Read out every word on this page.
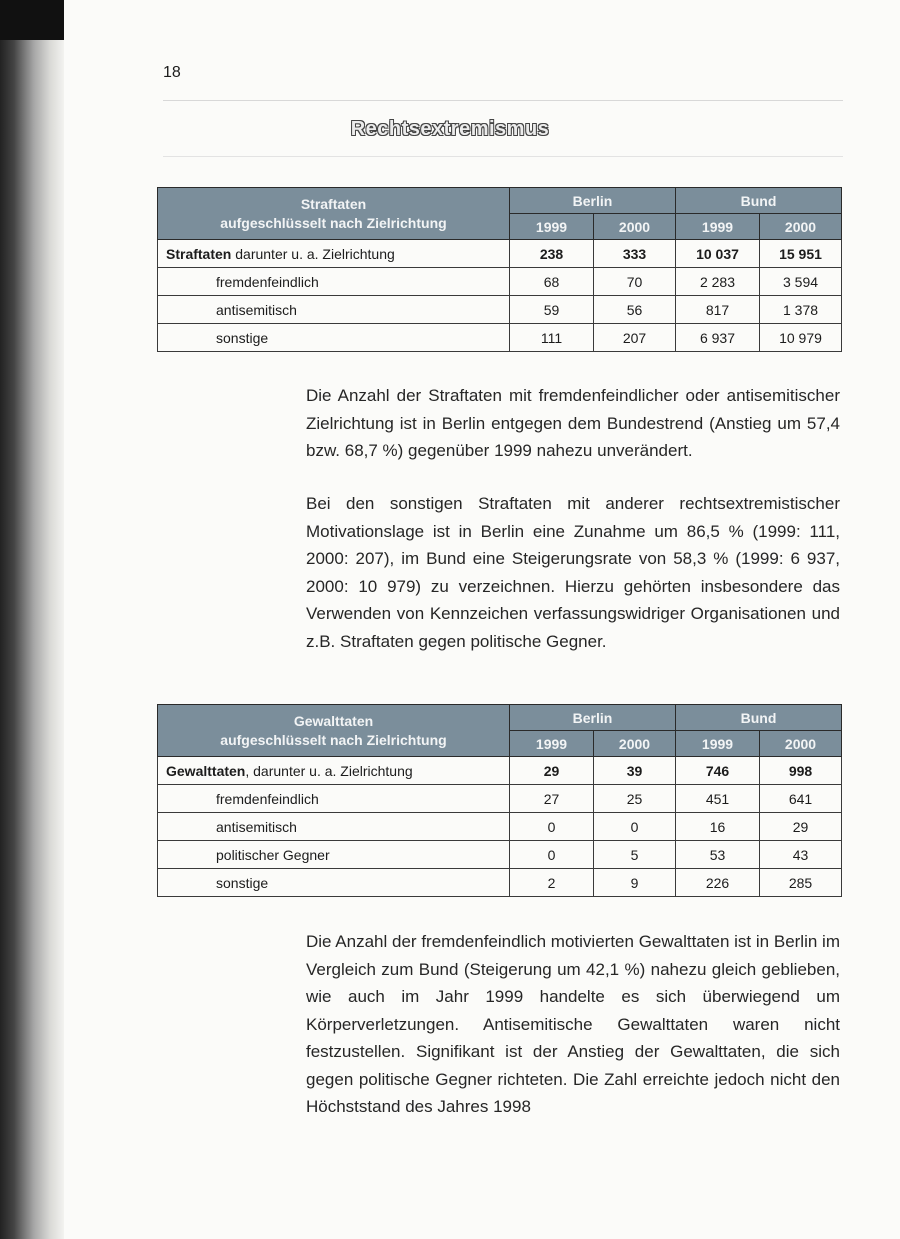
18
Rechtsextremismus
Straftaten
aufgeschlüsselt nach Zielrichtung	Berlin		Bund	
	1999	2000	1999	2000
Straftaten darunter u. a. Zielrichtung	238	333	10 037	15 951
fremdenfeindlich	68	70	2 283	3 594
antisemitisch	59	56	817	1 378
sonstige	111	207	6 937	10 979
Die Anzahl der Straftaten mit fremdenfeindlicher oder antisemitischer Zielrichtung ist in Berlin entgegen dem Bundestrend (Anstieg um 57,4 bzw. 68,7 %) gegenüber 1999 nahezu unverändert.
Bei den sonstigen Straftaten mit anderer rechtsextremistischer Motivationslage ist in Berlin eine Zunahme um 86,5 % (1999: 111, 2000: 207), im Bund eine Steigerungsrate von 58,3 % (1999: 6 937, 2000: 10 979) zu verzeichnen. Hierzu gehörten insbesondere das Verwenden von Kennzeichen verfassungswidriger Organisationen und z.B. Straftaten gegen politische Gegner.
Gewalttaten
aufgeschlüsselt nach Zielrichtung	Berlin		Bund	
	1999	2000	1999	2000
Gewalttaten, darunter u. a. Zielrichtung	29	39	746	998
fremdenfeindlich	27	25	451	641
antisemitisch	0	0	16	29
politischer Gegner	0	5	53	43
sonstige	2	9	226	285
Die Anzahl der fremdenfeindlich motivierten Gewalttaten ist in Berlin im Vergleich zum Bund (Steigerung um 42,1 %) nahezu gleich geblieben, wie auch im Jahr 1999 handelte es sich überwiegend um Körperverletzungen. Antisemitische Gewalttaten waren nicht festzustellen. Signifikant ist der Anstieg der Gewalttaten, die sich gegen politische Gegner richteten. Die Zahl erreichte jedoch nicht den Höchststand des Jahres 1998
